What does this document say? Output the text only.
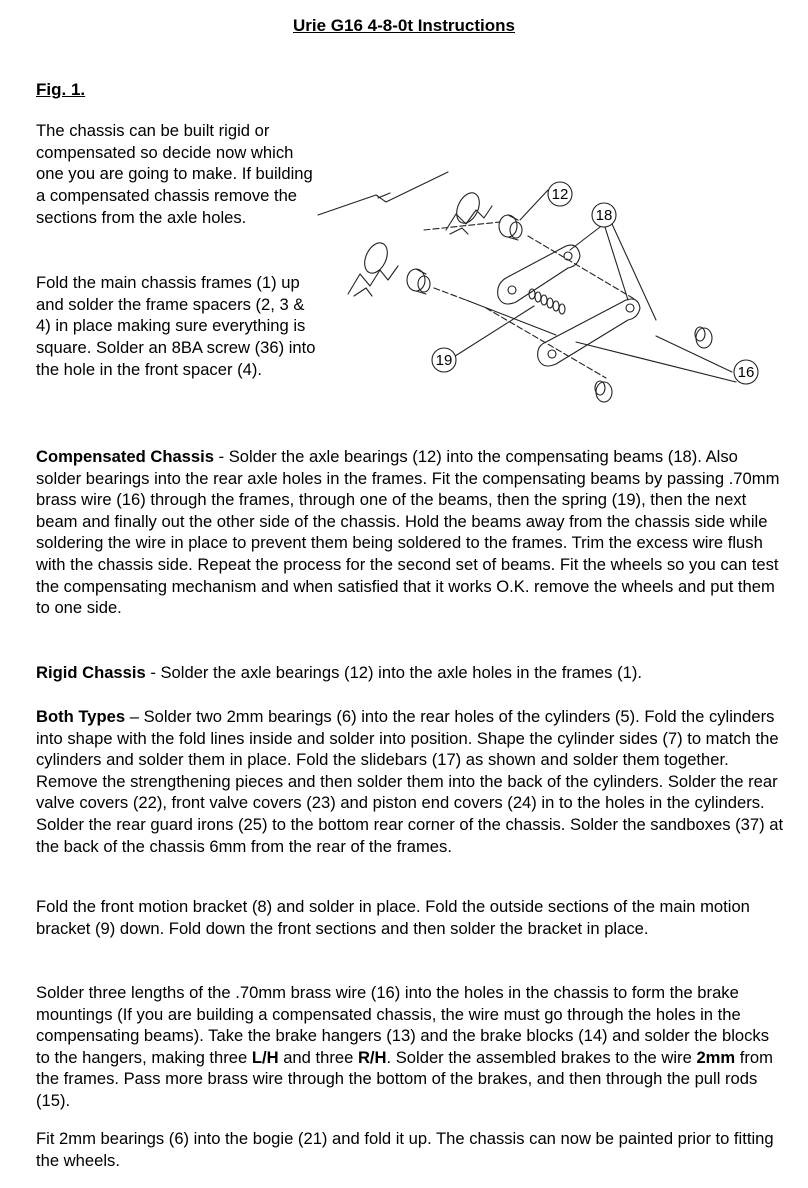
Urie G16 4-8-0t Instructions
Fig. 1.

The chassis can be built rigid or compensated so decide now which one you are going to make. If building a compensated chassis remove the sections from the axle holes.

Fold the main chassis frames (1) up and solder the frame spacers (2, 3 & 4) in place making sure everything is square. Solder an 8BA screw (36) into the hole in the front spacer (4).

12
18
19
16

Compensated Chassis - Solder the axle bearings (12) into the compensating beams (18). Also solder bearings into the rear axle holes in the frames. Fit the compensating beams by passing .70mm brass wire (16) through the frames, through one of the beams, then the spring (19), then the next beam and finally out the other side of the chassis. Hold the beams away from the chassis side while soldering the wire in place to prevent them being soldered to the frames. Trim the excess wire flush with the chassis side. Repeat the process for the second set of beams. Fit the wheels so you can test the compensating mechanism and when satisfied that it works O.K. remove the wheels and put them to one side.

Rigid Chassis - Solder the axle bearings (12) into the axle holes in the frames (1).

Both Types – Solder two 2mm bearings (6) into the rear holes of the cylinders (5). Fold the cylinders into shape with the fold lines inside and solder into position. Shape the cylinder sides (7) to match the cylinders and solder them in place. Fold the slidebars (17) as shown and solder them together. Remove the strengthening pieces and then solder them into the back of the cylinders. Solder the rear valve covers (22), front valve covers (23) and piston end covers (24) in to the holes in the cylinders. Solder the rear guard irons (25) to the bottom rear corner of the chassis. Solder the sandboxes (37) at the back of the chassis 6mm from the rear of the frames.

Fold the front motion bracket (8) and solder in place. Fold the outside sections of the main motion bracket (9) down. Fold down the front sections and then solder the bracket in place.

Solder three lengths of the .70mm brass wire (16) into the holes in the chassis to form the brake mountings (If you are building a compensated chassis, the wire must go through the holes in the compensating beams). Take the brake hangers (13) and the brake blocks (14) and solder the blocks to the hangers, making three L/H and three R/H. Solder the assembled brakes to the wire 2mm from the frames. Pass more brass wire through the bottom of the brakes, and then through the pull rods (15).

Fit 2mm bearings (6) into the bogie (21) and fold it up. The chassis can now be painted prior to fitting the wheels.
